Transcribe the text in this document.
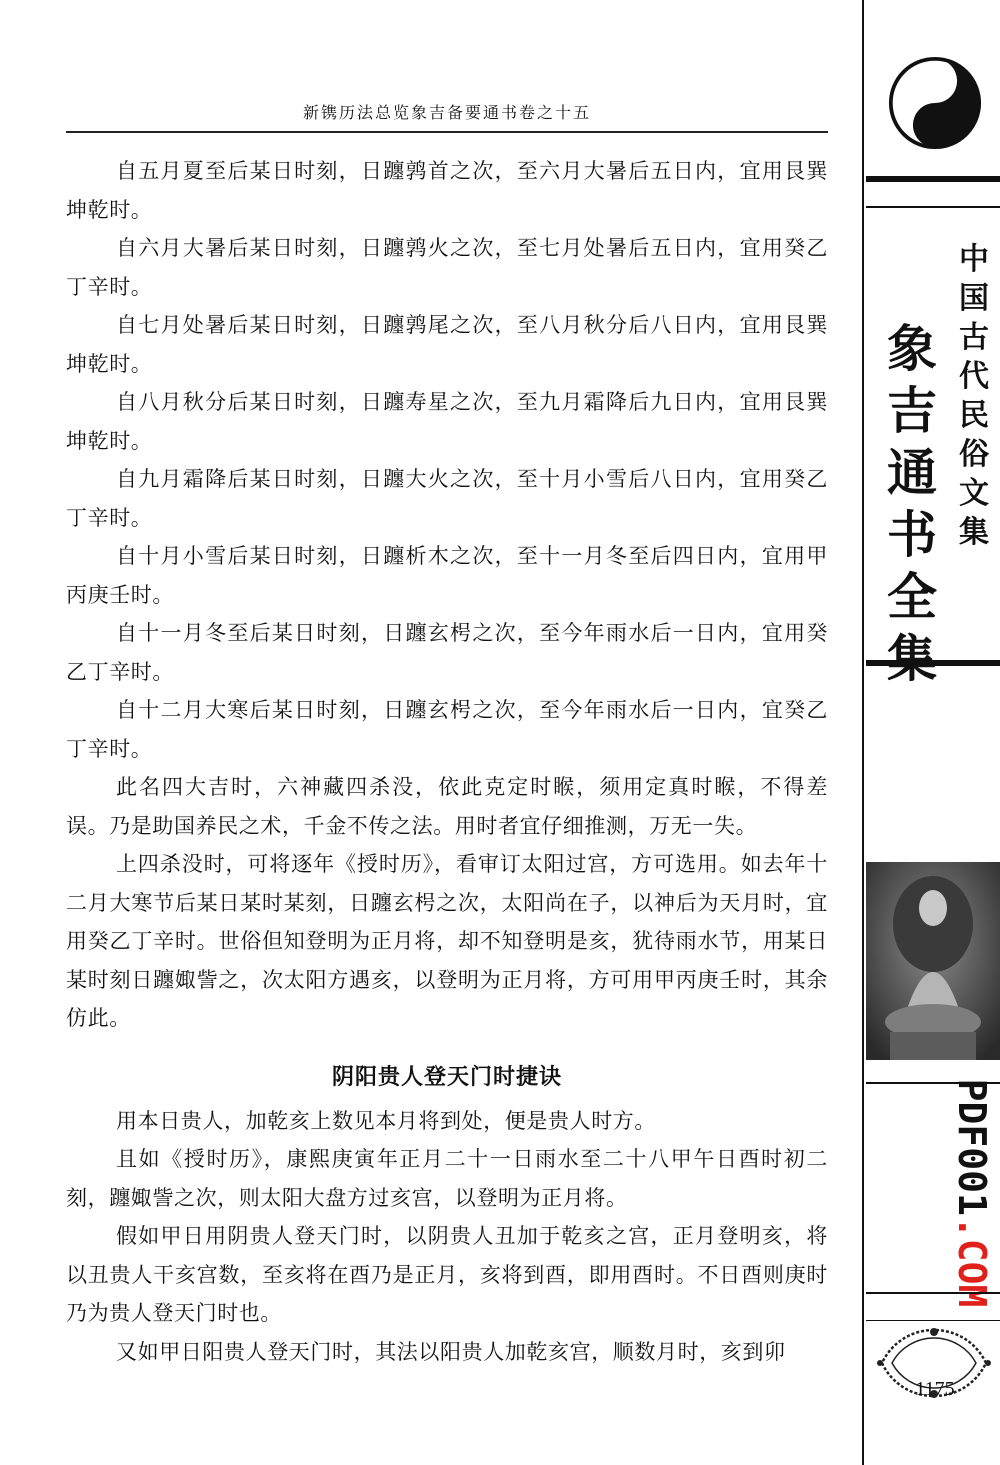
新镌历法总览象吉备要通书卷之十五

自五月夏至后某日时刻，日躔鹑首之次，至六月大暑后五日内，宜用艮巽坤乾时。

自六月大暑后某日时刻，日躔鹑火之次，至七月处暑后五日内，宜用癸乙丁辛时。

自七月处暑后某日时刻，日躔鹑尾之次，至八月秋分后八日内，宜用艮巽坤乾时。

自八月秋分后某日时刻，日躔寿星之次，至九月霜降后九日内，宜用艮巽坤乾时。

自九月霜降后某日时刻，日躔大火之次，至十月小雪后八日内，宜用癸乙丁辛时。

自十月小雪后某日时刻，日躔析木之次，至十一月冬至后四日内，宜用甲丙庚壬时。

自十一月冬至后某日时刻，日躔玄枵之次，至今年雨水后一日内，宜用癸乙丁辛时。

自十二月大寒后某日时刻，日躔玄枵之次，至今年雨水后一日内，宜癸乙丁辛时。

此名四大吉时，六神藏四杀没，依此克定时睺，须用定真时睺，不得差误。乃是助国养民之术，千金不传之法。用时者宜仔细推测，万无一失。

上四杀没时，可将逐年《授时历》，看审订太阳过宫，方可选用。如去年十二月大寒节后某日某时某刻，日躔玄枵之次，太阳尚在子，以神后为天月时，宜用癸乙丁辛时。世俗但知登明为正月将，却不知登明是亥，犹待雨水节，用某日某时刻日躔娵訾之，次太阳方遇亥，以登明为正月将，方可用甲丙庚壬时，其余仿此。

阴阳贵人登天门时捷诀

用本日贵人，加乾亥上数见本月将到处，便是贵人时方。

且如《授时历》，康熙庚寅年正月二十一日雨水至二十八甲午日酉时初二刻，躔娵訾之次，则太阳大盘方过亥宫，以登明为正月将。

假如甲日用阴贵人登天门时，以阴贵人丑加于乾亥之宫，正月登明亥，将以丑贵人干亥宫数，至亥将在酉乃是正月，亥将到酉，即用酉时。不日酉则庚时乃为贵人登天门时也。

又如甲日阳贵人登天门时，其法以阳贵人加乾亥宫，顺数月时，亥到卯

中国古代民俗文集
象吉通书全集
PDF001.COM
1175
